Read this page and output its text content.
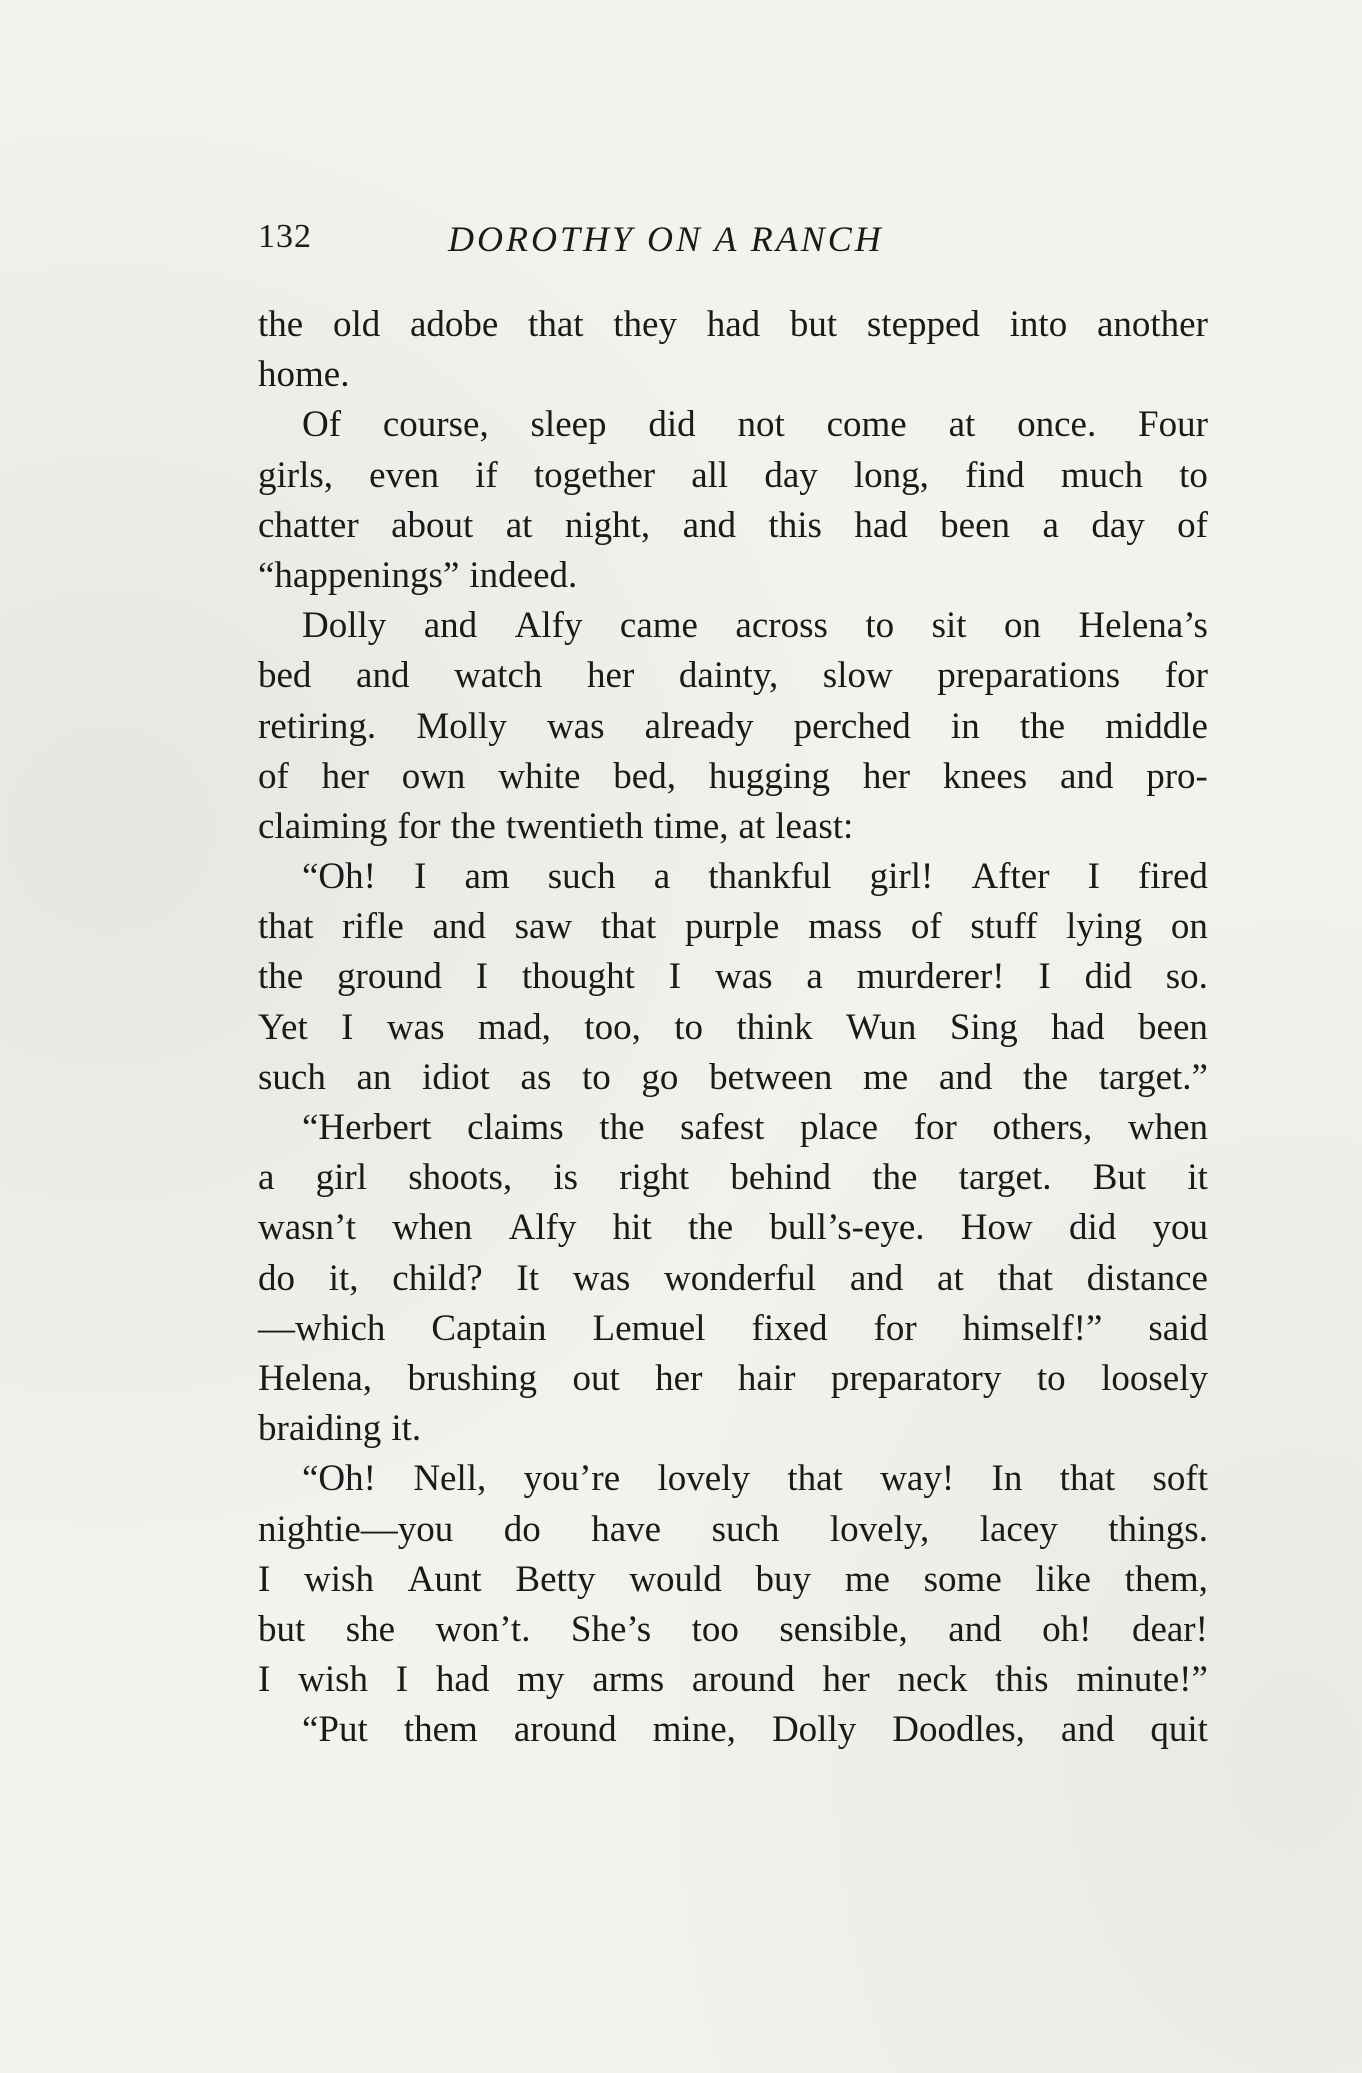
132	DOROTHY ON A RANCH
the old adobe that they had but stepped into another
home.
Of course, sleep did not come at once. Four
girls, even if together all day long, find much to
chatter about at night, and this had been a day of
“happenings” indeed.
Dolly and Alfy came across to sit on Helena’s
bed and watch her dainty, slow preparations for
retiring. Molly was already perched in the middle
of her own white bed, hugging her knees and pro-
claiming for the twentieth time, at least:
“Oh! I am such a thankful girl! After I fired
that rifle and saw that purple mass of stuff lying on
the ground I thought I was a murderer! I did so.
Yet I was mad, too, to think Wun Sing had been
such an idiot as to go between me and the target.”
“Herbert claims the safest place for others, when
a girl shoots, is right behind the target. But it
wasn’t when Alfy hit the bull’s-eye. How did you
do it, child? It was wonderful and at that distance
—which Captain Lemuel fixed for himself!” said
Helena, brushing out her hair preparatory to loosely
braiding it.
“Oh! Nell, you’re lovely that way! In that soft
nightie—you do have such lovely, lacey things.
I wish Aunt Betty would buy me some like them,
but she won’t. She’s too sensible, and oh! dear!
I wish I had my arms around her neck this minute!”
“Put them around mine, Dolly Doodles, and quit
